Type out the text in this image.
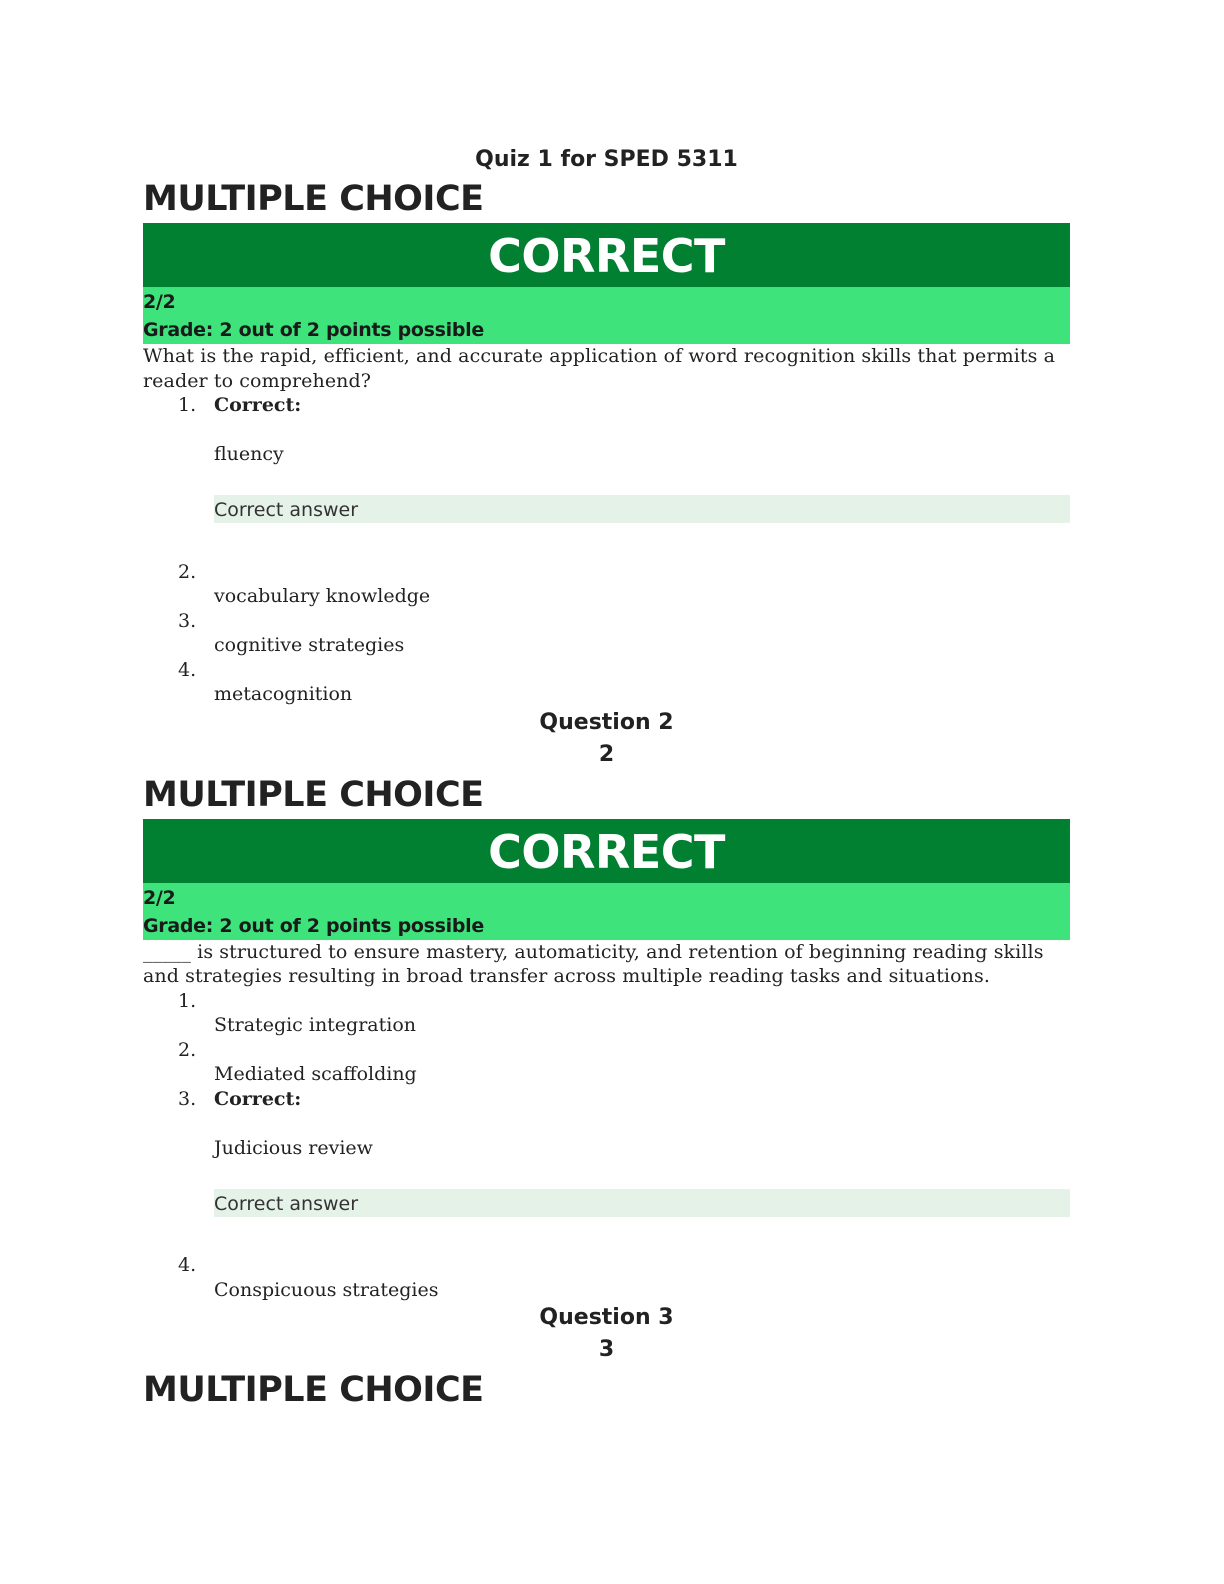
Quiz 1 for SPED 5311
MULTIPLE CHOICE
CORRECT
2/2
Grade: 2 out of 2 points possible
What is the rapid, efficient, and accurate application of word recognition skills that permits a reader to comprehend?
1. Correct:
fluency
Correct answer
2.
vocabulary knowledge
3.
cognitive strategies
4.
metacognition
Question 2
2
MULTIPLE CHOICE
CORRECT
2/2
Grade: 2 out of 2 points possible
_____ is structured to ensure mastery, automaticity, and retention of beginning reading skills and strategies resulting in broad transfer across multiple reading tasks and situations.
1.
Strategic integration
2.
Mediated scaffolding
3. Correct:
Judicious review
Correct answer
4.
Conspicuous strategies
Question 3
3
MULTIPLE CHOICE
